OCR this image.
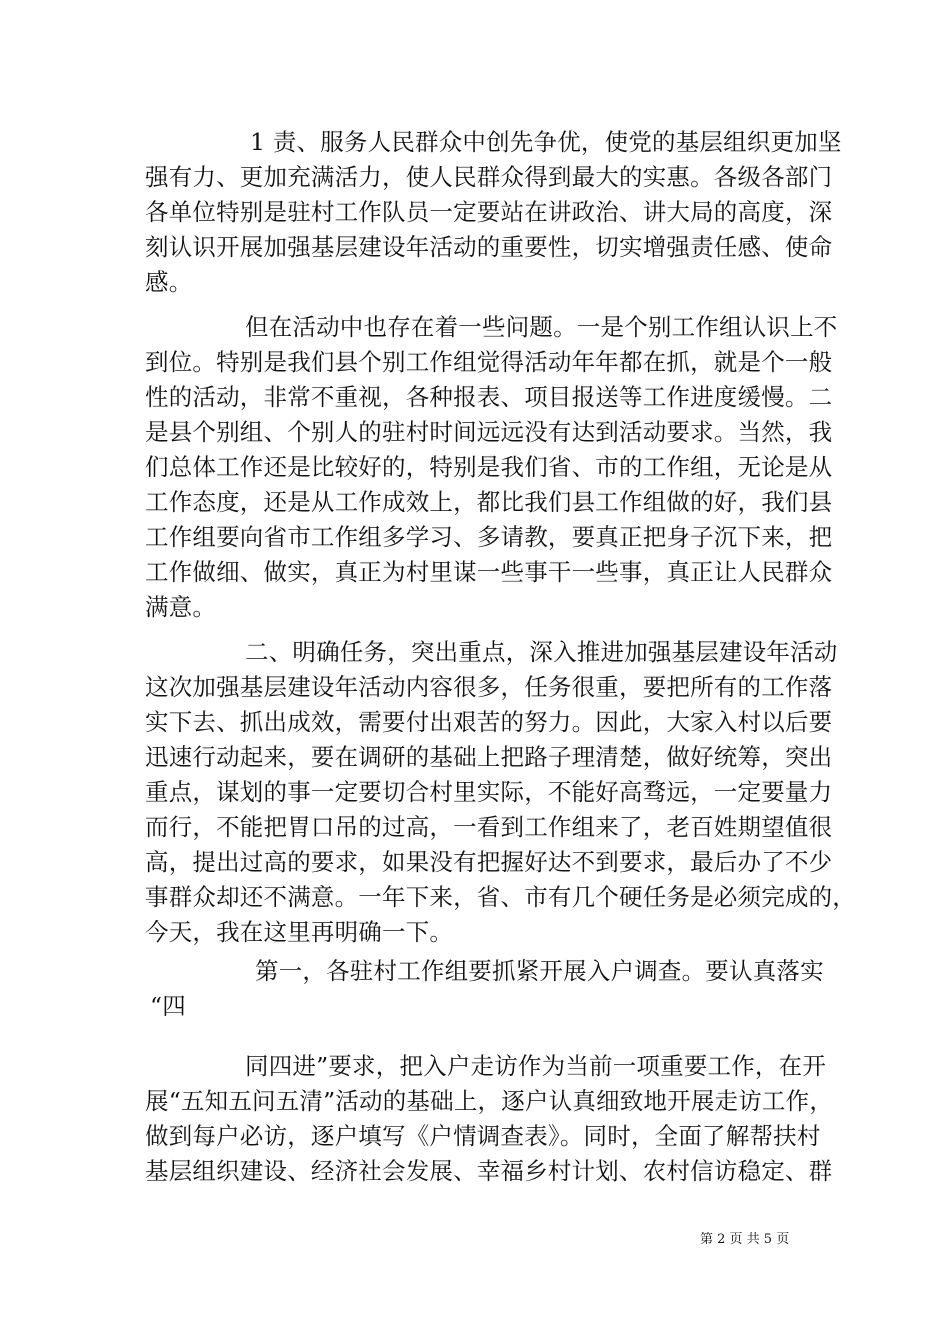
1 责、服务人民群众中创先争优，使党的基层组织更加坚
强有力、更加充满活力，使人民群众得到最大的实惠。各级各部门
各单位特别是驻村工作队员一定要站在讲政治、讲大局的高度，深
刻认识开展加强基层建设年活动的重要性，切实增强责任感、使命
感。
但在活动中也存在着一些问题。一是个别工作组认识上不
到位。特别是我们县个别工作组觉得活动年年都在抓，就是个一般
性的活动，非常不重视，各种报表、项目报送等工作进度缓慢。二
是县个别组、个别人的驻村时间远远没有达到活动要求。当然，我
们总体工作还是比较好的，特别是我们省、市的工作组，无论是从
工作态度，还是从工作成效上，都比我们县工作组做的好，我们县
工作组要向省市工作组多学习、多请教，要真正把身子沉下来，把
工作做细、做实，真正为村里谋一些事干一些事，真正让人民群众
满意。
二、明确任务，突出重点，深入推进加强基层建设年活动
这次加强基层建设年活动内容很多，任务很重，要把所有的工作落
实下去、抓出成效，需要付出艰苦的努力。因此，大家入村以后要
迅速行动起来，要在调研的基础上把路子理清楚，做好统筹，突出
重点，谋划的事一定要切合村里实际，不能好高骛远，一定要量力
而行，不能把胃口吊的过高，一看到工作组来了，老百姓期望值很
高，提出过高的要求，如果没有把握好达不到要求，最后办了不少
事群众却还不满意。一年下来，省、市有几个硬任务是必须完成的，
今天，我在这里再明确一下。
第一，各驻村工作组要抓紧开展入户调查。要认真落实
“四
同四进”要求，把入户走访作为当前一项重要工作，在开
展“五知五问五清”活动的基础上，逐户认真细致地开展走访工作，
做到每户必访，逐户填写《户情调查表》。同时，全面了解帮扶村
基层组织建设、经济社会发展、幸福乡村计划、农村信访稳定、群
第 2 页 共 5 页
